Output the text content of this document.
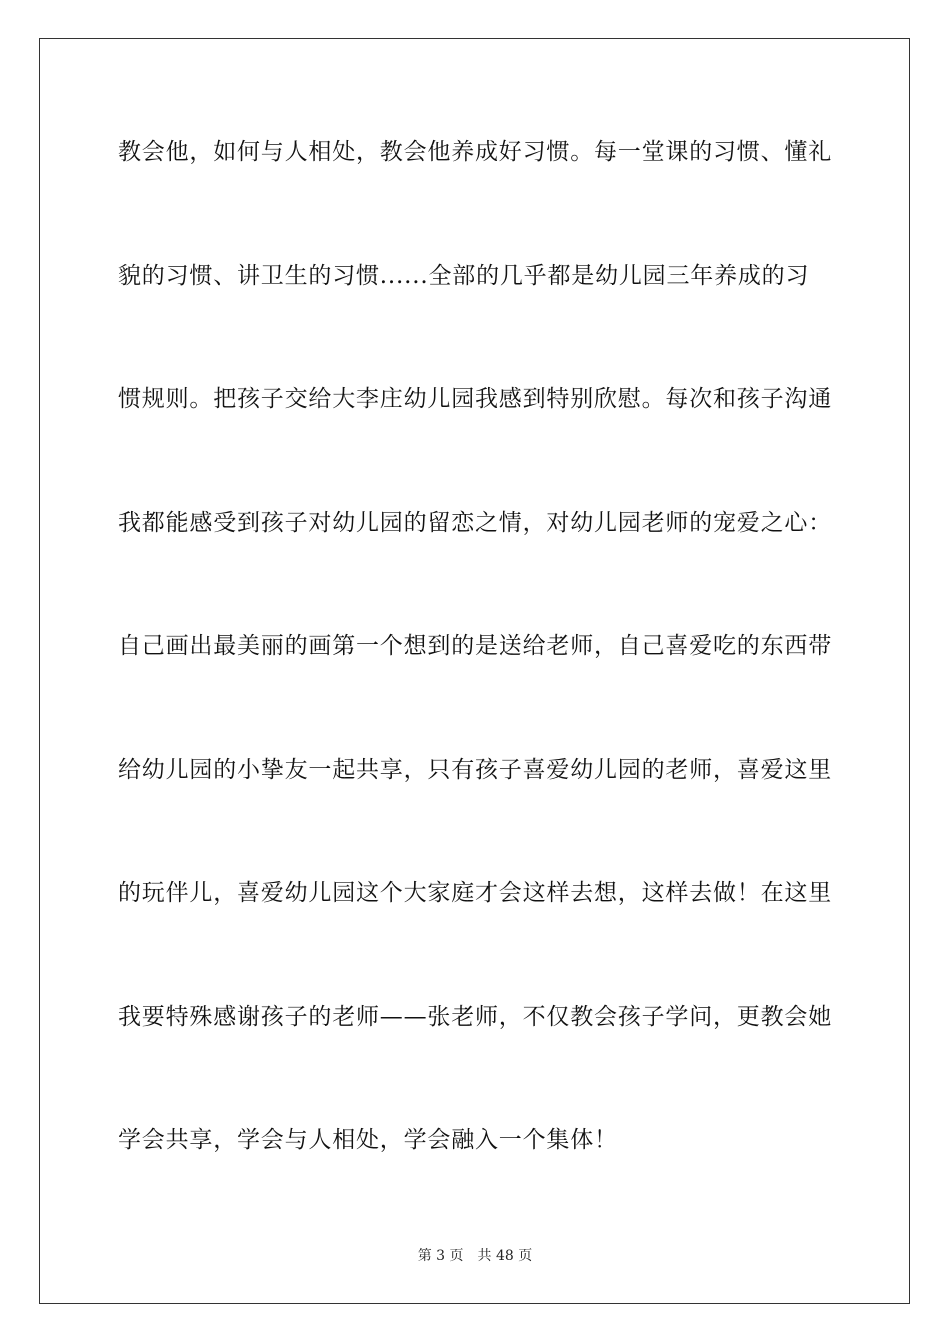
教会他，如何与人相处，教会他养成好习惯。每一堂课的习惯、懂礼
貌的习惯、讲卫生的习惯......全部的几乎都是幼儿园三年养成的习
惯规则。把孩子交给大李庄幼儿园我感到特别欣慰。每次和孩子沟通
我都能感受到孩子对幼儿园的留恋之情，对幼儿园老师的宠爱之心：
自己画出最美丽的画第一个想到的是送给老师，自己喜爱吃的东西带
给幼儿园的小挚友一起共享，只有孩子喜爱幼儿园的老师，喜爱这里
的玩伴儿，喜爱幼儿园这个大家庭才会这样去想，这样去做！在这里
我要特殊感谢孩子的老师——张老师，不仅教会孩子学问，更教会她
学会共享，学会与人相处，学会融入一个集体！
第 3 页 共 48 页
